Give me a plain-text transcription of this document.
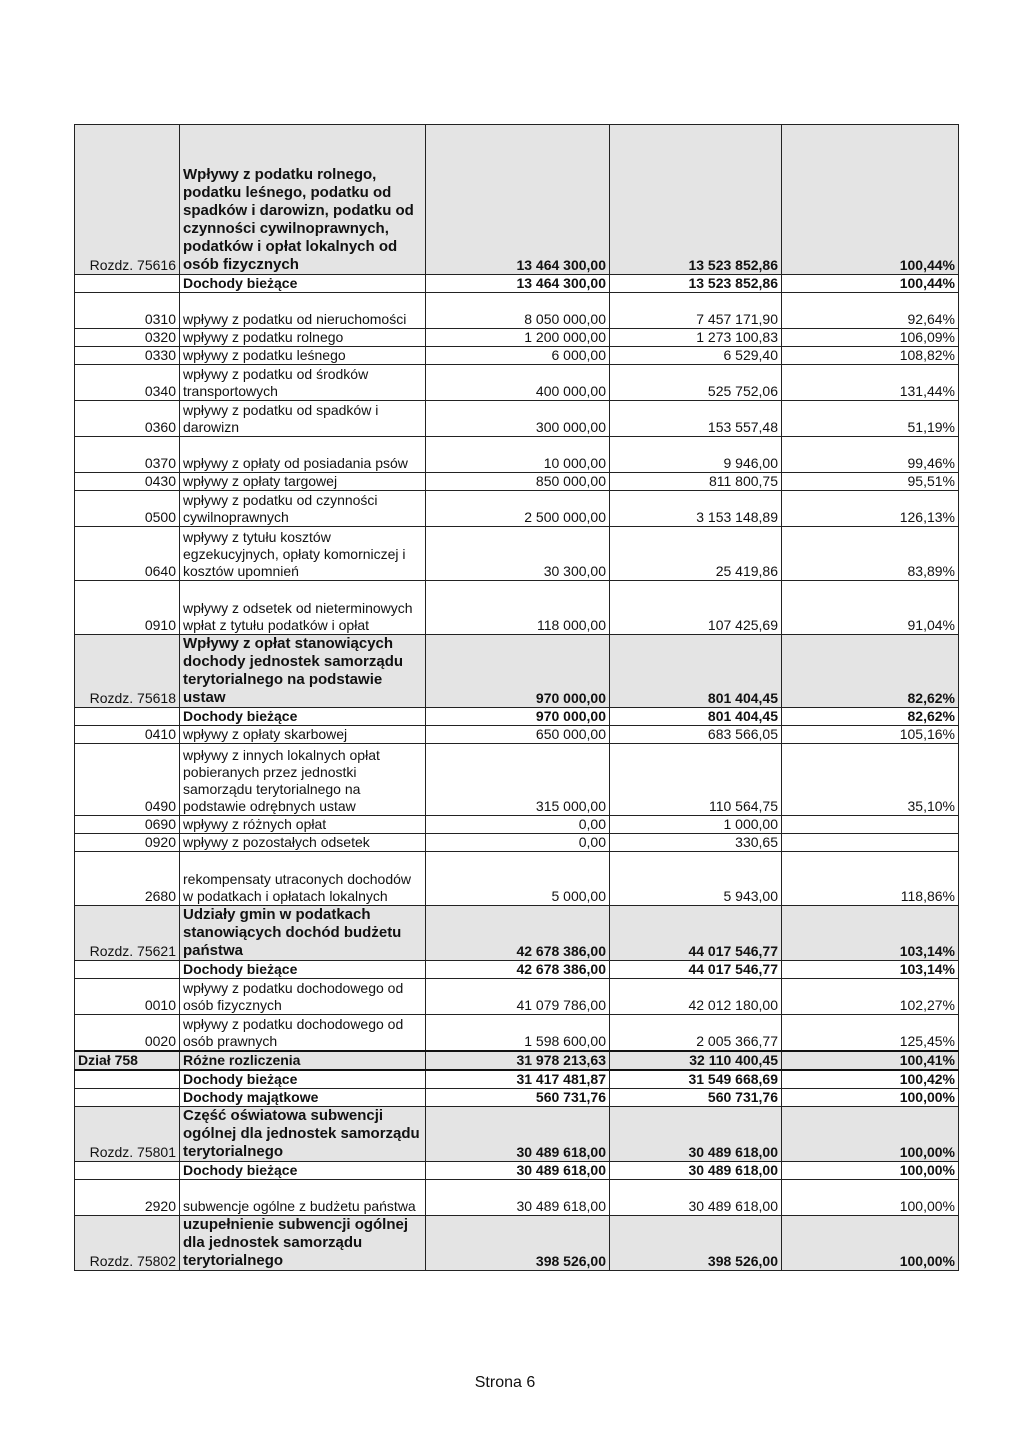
Rozdz. 75616	Wpływy z podatku rolnego, podatku leśnego, podatku od spadków i darowizn, podatku od czynności cywilnoprawnych, podatków i opłat lokalnych od osób fizycznych	13 464 300,00	13 523 852,86	100,44%
	Dochody bieżące	13 464 300,00	13 523 852,86	100,44%
0310	wpływy z podatku od nieruchomości	8 050 000,00	7 457 171,90	92,64%
0320	wpływy z podatku rolnego	1 200 000,00	1 273 100,83	106,09%
0330	wpływy z podatku leśnego	6 000,00	6 529,40	108,82%
0340	wpływy z podatku od środków transportowych	400 000,00	525 752,06	131,44%
0360	wpływy z podatku od spadków i darowizn	300 000,00	153 557,48	51,19%
0370	wpływy z opłaty od posiadania psów	10 000,00	9 946,00	99,46%
0430	wpływy z opłaty targowej	850 000,00	811 800,75	95,51%
0500	wpływy z podatku od czynności cywilnoprawnych	2 500 000,00	3 153 148,89	126,13%
0640	wpływy z tytułu kosztów egzekucyjnych, opłaty komorniczej i kosztów upomnień	30 300,00	25 419,86	83,89%
0910	wpływy z odsetek od nieterminowych wpłat z tytułu podatków i opłat	118 000,00	107 425,69	91,04%
Rozdz. 75618	Wpływy z opłat stanowiących dochody jednostek samorządu terytorialnego na podstawie ustaw	970 000,00	801 404,45	82,62%
	Dochody bieżące	970 000,00	801 404,45	82,62%
0410	wpływy z opłaty skarbowej	650 000,00	683 566,05	105,16%
0490	wpływy z innych lokalnych opłat pobieranych przez jednostki samorządu terytorialnego na podstawie odrębnych ustaw	315 000,00	110 564,75	35,10%
0690	wpływy z różnych opłat	0,00	1 000,00	
0920	wpływy z pozostałych odsetek	0,00	330,65	
2680	rekompensaty utraconych dochodów w podatkach i opłatach lokalnych	5 000,00	5 943,00	118,86%
Rozdz. 75621	Udziały gmin w podatkach stanowiących dochód budżetu państwa	42 678 386,00	44 017 546,77	103,14%
	Dochody bieżące	42 678 386,00	44 017 546,77	103,14%
0010	wpływy z podatku dochodowego od osób fizycznych	41 079 786,00	42 012 180,00	102,27%
0020	wpływy z podatku dochodowego od osób prawnych	1 598 600,00	2 005 366,77	125,45%
Dział 758	Różne rozliczenia	31 978 213,63	32 110 400,45	100,41%
	Dochody bieżące	31 417 481,87	31 549 668,69	100,42%
	Dochody majątkowe	560 731,76	560 731,76	100,00%
Rozdz. 75801	Część oświatowa subwencji ogólnej dla jednostek samorządu terytorialnego	30 489 618,00	30 489 618,00	100,00%
	Dochody bieżące	30 489 618,00	30 489 618,00	100,00%
2920	subwencje ogólne z budżetu państwa	30 489 618,00	30 489 618,00	100,00%
Rozdz. 75802	uzupełnienie subwencji ogólnej dla jednostek samorządu terytorialnego	398 526,00	398 526,00	100,00%
Strona 6
